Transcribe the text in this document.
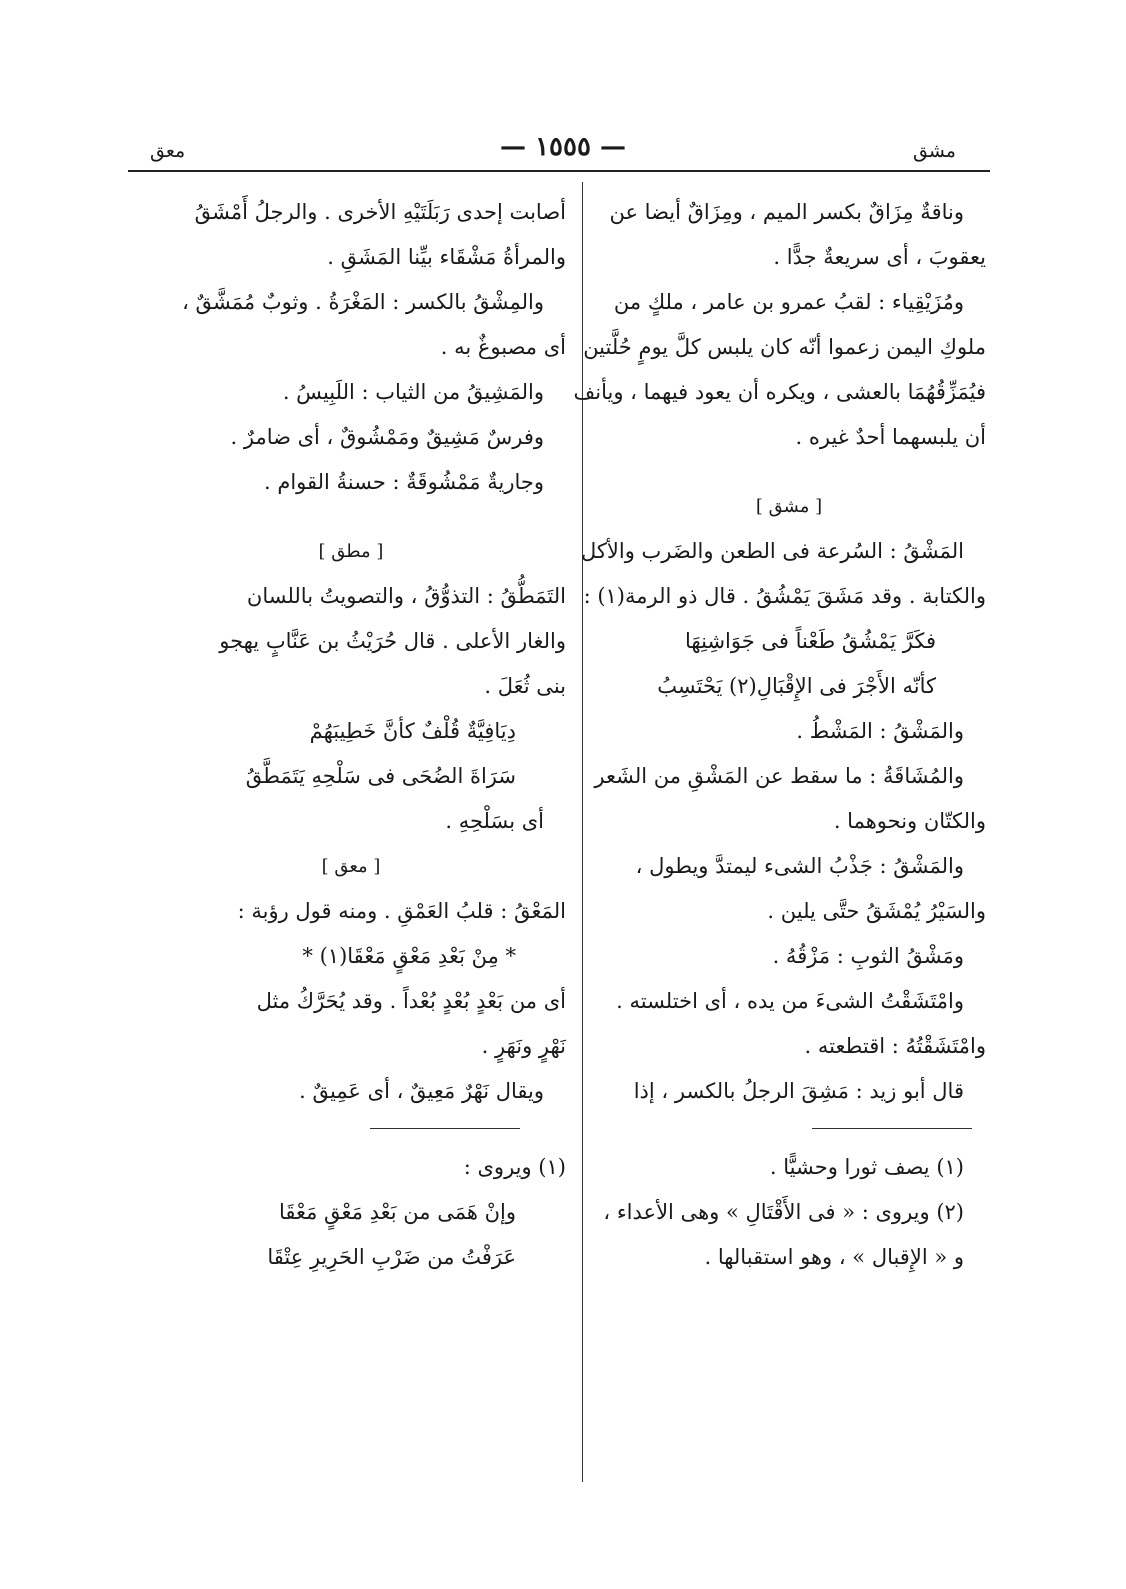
مشق
— ١٥٥٥ —
معق
وناقةٌ مِزَاقٌ بكسر الميم ، ومِزَاقٌ أيضا عن
يعقوبَ ، أى سريعةٌ جدًّا .
ومُزَيْقِياء : لقبُ عمرو بن عامر ، ملكٍ من
ملوكِ اليمن زعموا أنّه كان يلبس كلَّ يومٍ حُلَّتين
فيُمَزِّقُهُمَا بالعشى ، ويكره أن يعود فيهما ، ويأنف
أن يلبسهما أحدٌ غيره .
[ مشق ]
المَشْقُ : السُرعة فى الطعن والضَرب والأكل
والكتابة . وقد مَشَقَ يَمْشُقُ . قال ذو الرمة(١) :
فكَرَّ يَمْشُقُ طَعْناً فى جَوَاشِنِهَا
كأنّه الأَجْرَ فى الإِقْبَالِ(٢) يَحْتَسِبُ
والمَشْقُ : المَشْطُ .
والمُشَاقَةُ : ما سقط عن المَشْقِ من الشَعر
والكتّان ونحوهما .
والمَشْقُ : جَذْبُ الشىء ليمتدَّ ويطول ،
والسَيْرُ يُمْشَقُ حتَّى يلين .
ومَشْقُ الثوبِ : مَزْقُهُ .
وامْتَشَقْتُ الشىءَ من يده ، أى اختلسته .
وامْتَشَقْتُهُ : اقتطعته .
قال أبو زيد : مَشِقَ الرجلُ بالكسر ، إذا
(١) يصف ثورا وحشيًّا .
(٢) ويروى : « فى الأَقْتَالِ » وهى الأعداء ،
و « الإِقبال » ، وهو استقبالها .
أصابت إحدى رَبَلَتَيْهِ الأخرى . والرجلُ أَمْشَقُ
والمرأةُ مَشْقَاء بيِّنا المَشَقِ .
والمِشْقُ بالكسر : المَغْرَةُ . وثوبٌ مُمَشَّقٌ ،
أى مصبوغٌ به .
والمَشِيقُ من الثياب : اللَبِيسُ .
وفرسٌ مَشِيقٌ ومَمْشُوقٌ ، أى ضامرٌ .
وجاريةٌ مَمْشُوقَةٌ : حسنةُ القوام .
[ مطق ]
التَمَطُّقُ : التذوُّقُ ، والتصويتُ باللسان
والغار الأعلى . قال حُرَيْثُ بن عَنَّابٍ يهجو
بنى ثُعَلَ .
دِيَافِيَّةٌ قُلْفٌ كأنَّ خَطِيبَهُمْ
سَرَاةَ الضُحَى فى سَلْحِهِ يَتَمَطَّقُ
أى بسَلْحِهِ .
[ معق ]
المَعْقُ : قلبُ العَمْقِ . ومنه قول رؤبة :
* مِنْ بَعْدِ مَعْقٍ مَعْقَا(١) *
أى من بَعْدٍ بُعْدٍ بُعْداً . وقد يُحَرَّكُ مثل
نَهْرٍ ونَهَرٍ .
ويقال نَهْرٌ مَعِيقٌ ، أى عَمِيقٌ .
(١) ويروى :
وإنْ هَمَى من بَعْدِ مَعْقٍ مَعْقَا
عَرَفْتُ من ضَرْبِ الحَرِيرِ عِتْقَا
